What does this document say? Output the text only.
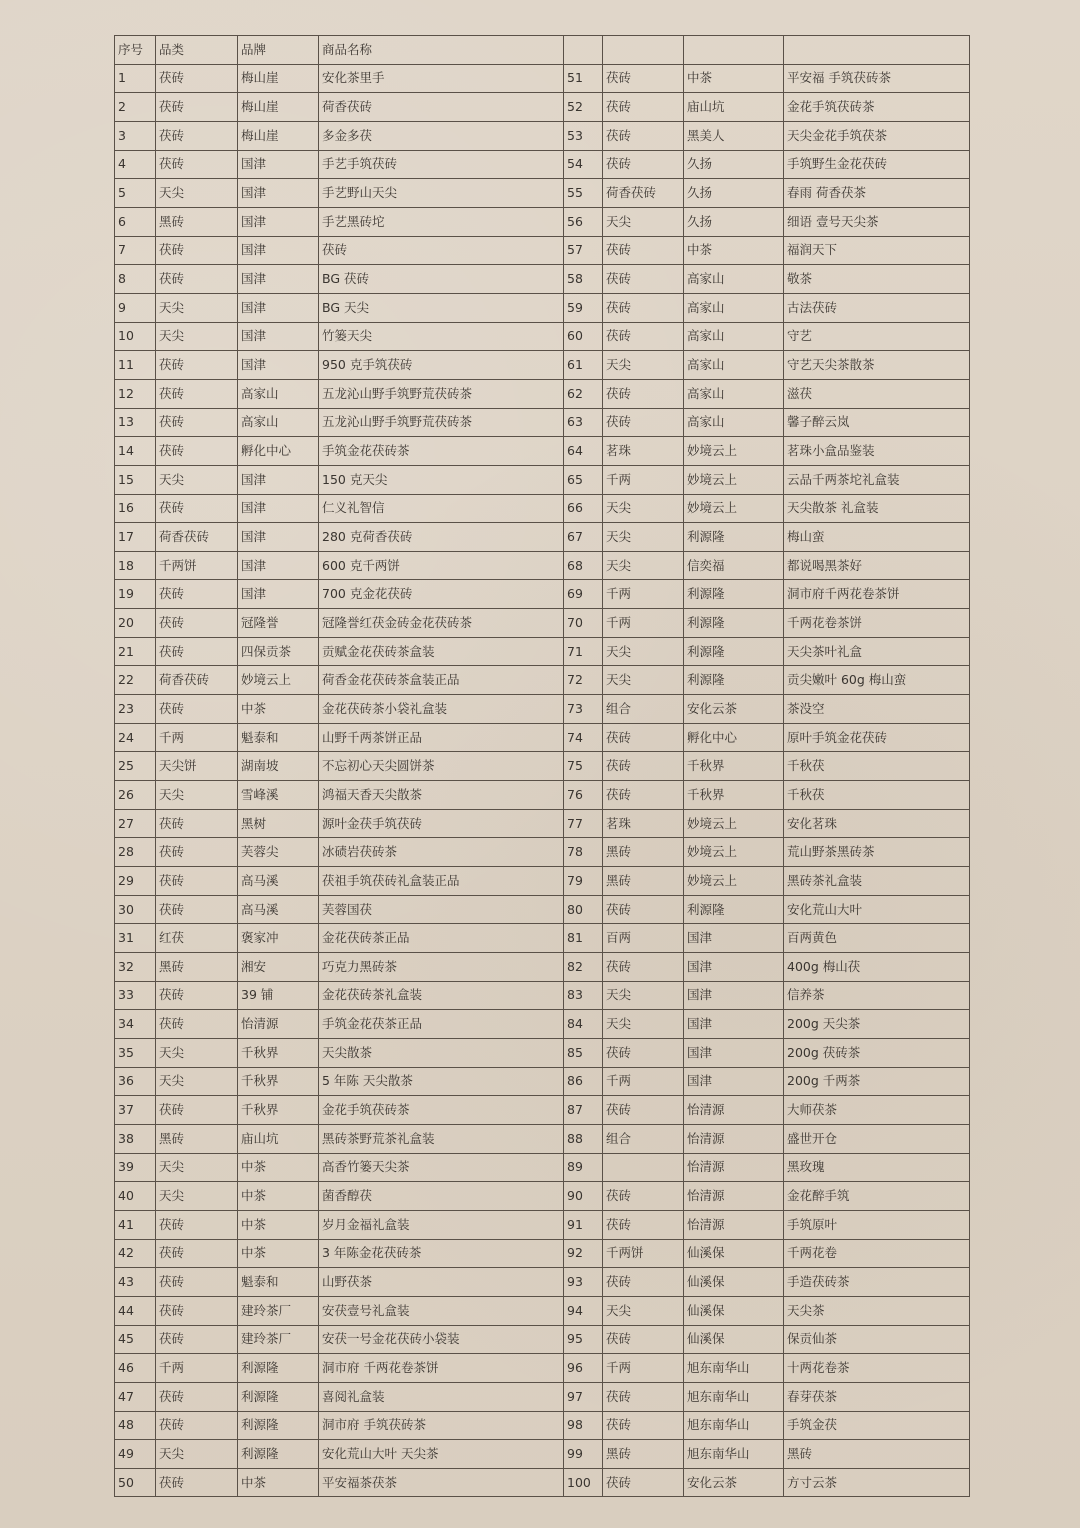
序号	品类	品牌	商品名称				
1	茯砖	梅山崖	安化茶里手	51	茯砖	中茶	平安福 手筑茯砖茶
2	茯砖	梅山崖	荷香茯砖	52	茯砖	庙山坑	金花手筑茯砖茶
3	茯砖	梅山崖	多金多茯	53	茯砖	黑美人	天尖金花手筑茯茶
4	茯砖	国津	手艺手筑茯砖	54	茯砖	久扬	手筑野生金花茯砖
5	天尖	国津	手艺野山天尖	55	荷香茯砖	久扬	春雨 荷香茯茶
6	黑砖	国津	手艺黑砖坨	56	天尖	久扬	细语 壹号天尖茶
7	茯砖	国津	茯砖	57	茯砖	中茶	福润天下
8	茯砖	国津	BG 茯砖	58	茯砖	高家山	敬茶
9	天尖	国津	BG 天尖	59	茯砖	高家山	古法茯砖
10	天尖	国津	竹篓天尖	60	茯砖	高家山	守艺
11	茯砖	国津	950 克手筑茯砖	61	天尖	高家山	守艺天尖茶散茶
12	茯砖	高家山	五龙沁山野手筑野荒茯砖茶	62	茯砖	高家山	滋茯
13	茯砖	高家山	五龙沁山野手筑野荒茯砖茶	63	茯砖	高家山	馨子醉云岚
14	茯砖	孵化中心	手筑金花茯砖茶	64	茗珠	妙境云上	茗珠小盒品鉴装
15	天尖	国津	150 克天尖	65	千两	妙境云上	云品千两茶坨礼盒装
16	茯砖	国津	仁义礼智信	66	天尖	妙境云上	天尖散茶 礼盒装
17	荷香茯砖	国津	280 克荷香茯砖	67	天尖	利源隆	梅山蛮
18	千两饼	国津	600 克千两饼	68	天尖	信奕福	都说喝黑茶好
19	茯砖	国津	700 克金花茯砖	69	千两	利源隆	洞市府千两花卷茶饼
20	茯砖	冠隆誉	冠隆誉红茯金砖金花茯砖茶	70	千两	利源隆	千两花卷茶饼
21	茯砖	四保贡茶	贡赋金花茯砖茶盒装	71	天尖	利源隆	天尖茶叶礼盒
22	荷香茯砖	妙境云上	荷香金花茯砖茶盒装正品	72	天尖	利源隆	贡尖嫩叶 60g 梅山蛮
23	茯砖	中茶	金花茯砖茶小袋礼盒装	73	组合	安化云茶	茶没空
24	千两	魁泰和	山野千两茶饼正品	74	茯砖	孵化中心	原叶手筑金花茯砖
25	天尖饼	湖南坡	不忘初心天尖圆饼茶	75	茯砖	千秋界	千秋茯
26	天尖	雪峰溪	鸿福天香天尖散茶	76	茯砖	千秋界	千秋茯
27	茯砖	黑树	源叶金茯手筑茯砖	77	茗珠	妙境云上	安化茗珠
28	茯砖	芙蓉尖	冰碛岩茯砖茶	78	黑砖	妙境云上	荒山野茶黑砖茶
29	茯砖	高马溪	茯祖手筑茯砖礼盒装正品	79	黑砖	妙境云上	黑砖茶礼盒装
30	茯砖	高马溪	芙蓉国茯	80	茯砖	利源隆	安化荒山大叶
31	红茯	褒家冲	金花茯砖茶正品	81	百两	国津	百两黄色
32	黑砖	湘安	巧克力黑砖茶	82	茯砖	国津	400g 梅山茯
33	茯砖	39 铺	金花茯砖茶礼盒装	83	天尖	国津	信养茶
34	茯砖	怡清源	手筑金花茯茶正品	84	天尖	国津	200g 天尖茶
35	天尖	千秋界	天尖散茶	85	茯砖	国津	200g 茯砖茶
36	天尖	千秋界	5 年陈 天尖散茶	86	千两	国津	200g 千两茶
37	茯砖	千秋界	金花手筑茯砖茶	87	茯砖	怡清源	大师茯茶
38	黑砖	庙山坑	黑砖茶野荒茶礼盒装	88	组合	怡清源	盛世开仓
39	天尖	中茶	高香竹篓天尖茶	89		怡清源	黑玫瑰
40	天尖	中茶	菌香醇茯	90	茯砖	怡清源	金花醉手筑
41	茯砖	中茶	岁月金福礼盒装	91	茯砖	怡清源	手筑原叶
42	茯砖	中茶	3 年陈金花茯砖茶	92	千两饼	仙溪保	千两花卷
43	茯砖	魁泰和	山野茯茶	93	茯砖	仙溪保	手造茯砖茶
44	茯砖	建玲茶厂	安茯壹号礼盒装	94	天尖	仙溪保	天尖茶
45	茯砖	建玲茶厂	安茯一号金花茯砖小袋装	95	茯砖	仙溪保	保贡仙茶
46	千两	利源隆	洞市府 千两花卷茶饼	96	千两	旭东南华山	十两花卷茶
47	茯砖	利源隆	喜阅礼盒装	97	茯砖	旭东南华山	春芽茯茶
48	茯砖	利源隆	洞市府 手筑茯砖茶	98	茯砖	旭东南华山	手筑金茯
49	天尖	利源隆	安化荒山大叶 天尖茶	99	黑砖	旭东南华山	黑砖
50	茯砖	中茶	平安福茶茯茶	100	茯砖	安化云茶	方寸云茶
